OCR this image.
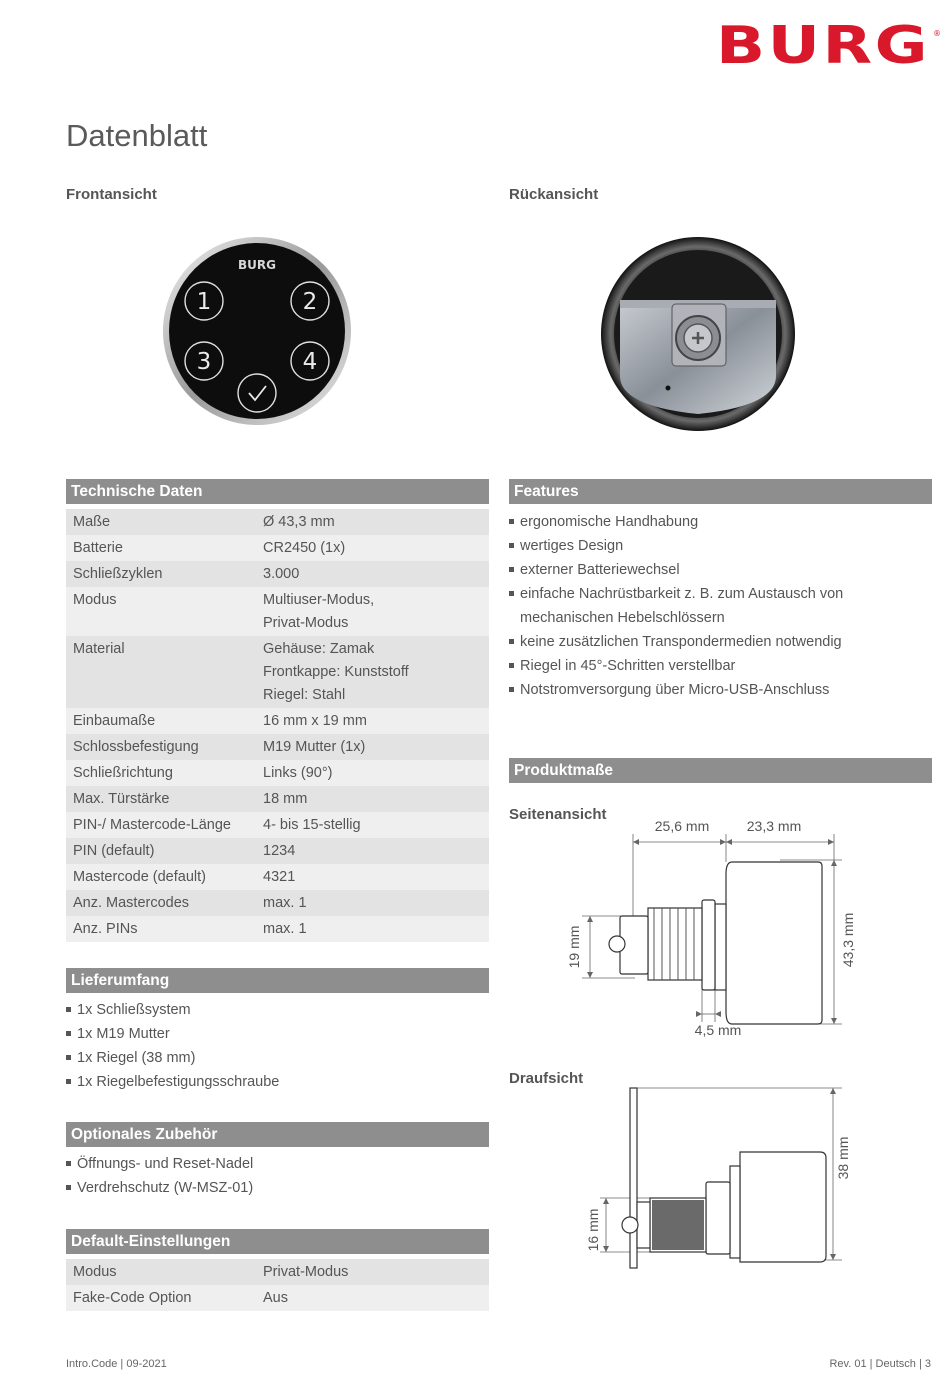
BURG ®
Datenblatt
Frontansicht	Rückansicht
BURG
1	2
3	4
Technische Daten
Maße	Ø 43,3 mm
Batterie	CR2450 (1x)
Schließzyklen	3.000
Modus	Multiuser-Modus,
Privat-Modus
Material	Gehäuse: Zamak
Frontkappe: Kunststoff
Riegel: Stahl
Einbaumaße	16 mm x 19 mm
Schlossbefestigung	M19 Mutter (1x)
Schließrichtung	Links (90°)
Max. Türstärke	18 mm
PIN-/ Mastercode-Länge	4- bis 15-stellig
PIN (default)	1234
Mastercode (default)	4321
Anz. Mastercodes	max. 1
Anz. PINs	max. 1
Features
ergonomische Handhabung
wertiges Design
externer Batteriewechsel
einfache Nachrüstbarkeit z. B. zum Austausch von mechanischen Hebelschlössern
keine zusätzlichen Transpondermedien notwendig
Riegel in 45°-Schritten verstellbar
Notstromversorgung über Micro-USB-Anschluss
Produktmaße
Seitenansicht
Draufsicht
25,6 mm	23,3 mm
19 mm	43,3 mm
4,5 mm
38 mm
16 mm
Lieferumfang
1x Schließsystem
1x M19 Mutter
1x Riegel (38 mm)
1x Riegelbefestigungsschraube
Optionales Zubehör
Öffnungs- und Reset-Nadel
Verdrehschutz (W-MSZ-01)
Default-Einstellungen
Modus	Privat-Modus
Fake-Code Option	Aus
Intro.Code | 09-2021	Rev. 01 | Deutsch | 3
